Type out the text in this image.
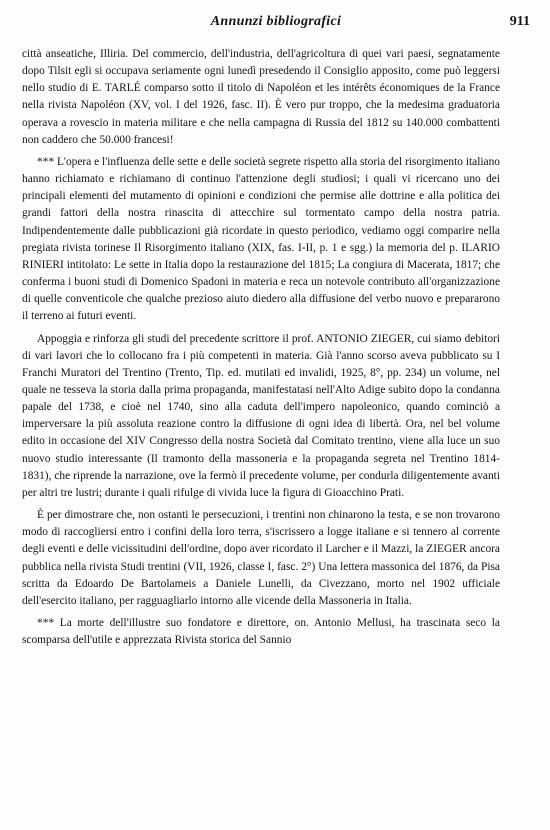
Annunzi bibliografici	911

città anseatiche, Illiria. Del commercio, dell'industria, dell'agricoltura di quei vari paesi, segnatamente dopo Tilsit egli si occupava seriamente ogni lunedì presedendo il Consiglio apposito, come può leggersi nello studio di E. TARLÉ comparso sotto il titolo di Napoléon et les intérêts économiques de la France nella rivista Napoléon (XV, vol. I del 1926, fasc. II). È vero pur troppo, che la medesima graduatoria operava a rovescio in materia militare e che nella campagna di Russia del 1812 su 140.000 combattenti non caddero che 50.000 francesi!

*** L'opera e l'influenza delle sette e delle società segrete rispetto alla storia del risorgimento italiano hanno richiamato e richiamano di continuo l'attenzione degli studiosi; i quali vi ricercano uno dei principali elementi del mutamento di opinioni e condizioni che permise alle dottrine e alla politica dei grandi fattori della nostra rinascita di attecchire sul tormentato campo della nostra patria. Indipendentemente dalle pubblicazioni già ricordate in questo periodico, vediamo oggi comparire nella pregiata rivista torinese Il Risorgimento italiano (XIX, fas. I-II, p. 1 e sgg.) la memoria del p. ILARIO RINIERI intitolato: Le sette in Italia dopo la restaurazione del 1815; La congiura di Macerata, 1817; che conferma i buoni studi di Domenico Spadoni in materia e reca un notevole contributo all'organizzazione di quelle conventicole che qualche prezioso aiuto diedero alla diffusione del verbo nuovo e prepararono il terreno ai futuri eventi.

Appoggia e rinforza gli studi del precedente scrittore il prof. ANTONIO ZIEGER, cui siamo debitori di vari lavori che lo collocano fra i più competenti in materia. Già l'anno scorso aveva pubblicato su I Franchi Muratori del Trentino (Trento, Tip. ed. mutilati ed invalidi, 1925, 8°, pp. 234) un volume, nel quale ne tesseva la storia dalla prima propaganda, manifestatasi nell'Alto Adige subito dopo la condanna papale del 1738, e cioè nel 1740, sino alla caduta dell'impero napoleonico, quando cominciò a imperversare la più assoluta reazione contro la diffusione di ogni idea di libertà. Ora, nel bel volume edito in occasione del XIV Congresso della nostra Società dal Comitato trentino, viene alla luce un suo nuovo studio interessante (Il tramonto della massoneria e la propaganda segreta nel Trentino 1814-1831), che riprende la narrazione, ove la fermò il precedente volume, per condurla diligentemente avanti per altri tre lustri; durante i quali rifulge di vivida luce la figura di Gioacchino Prati.

È per dimostrare che, non ostanti le persecuzioni, i trentini non chinarono la testa, e se non trovarono modo di raccogliersi entro i confini della loro terra, s'iscrissero a logge italiane e si tennero al corrente degli eventi e delle vicissitudini dell'ordine, dopo aver ricordato il Larcher e il Mazzi, la ZIEGER ancora pubblica nella rivista Studi trentini (VII, 1926, classe I, fasc. 2°) Una lettera massonica del 1876, da Pisa scritta da Edoardo De Bartolameis a Daniele Lunelli, da Civezzano, morto nel 1902 ufficiale dell'esercito italiano, per ragguagliarlo intorno alle vicende della Massoneria in Italia.

*** La morte dell'illustre suo fondatore e direttore, on. Antonio Mellusi, ha trascinata seco la scomparsa dell'utile e apprezzata Rivista storica del Sannio
